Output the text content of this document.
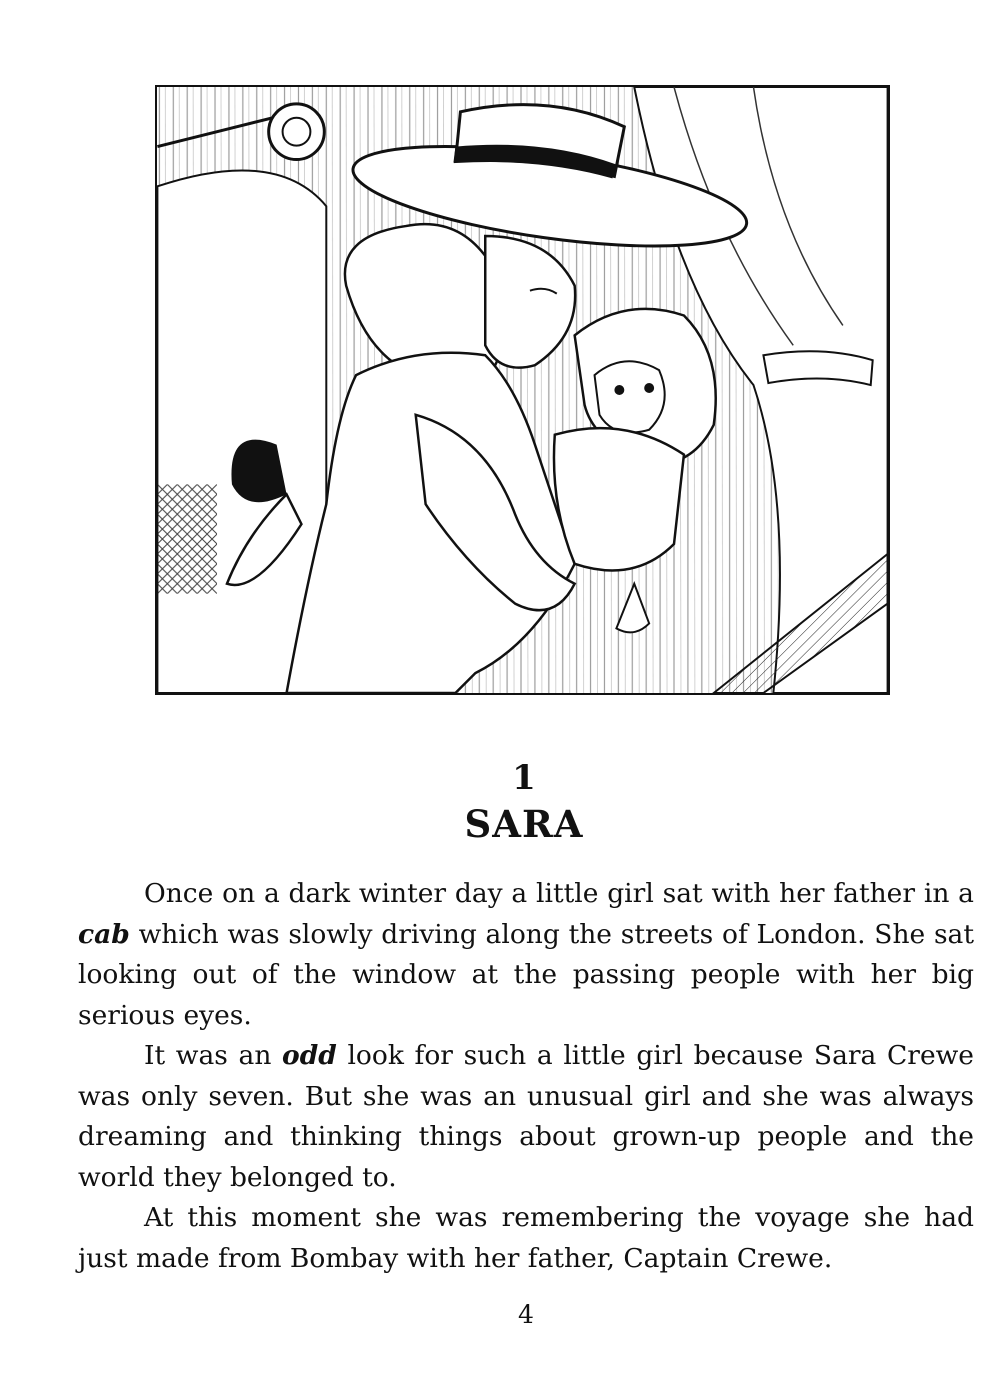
1
SARA

Once on a dark winter day a little girl sat with her father in a cab which was slowly driving along the streets of London. She sat looking out of the window at the passing people with her big serious eyes.

It was an odd look for such a little girl because Sara Crewe was only seven. But she was an unusual girl and she was always dreaming and thinking things about grown-up people and the world they belonged to.

At this moment she was remembering the voyage she had just made from Bombay with her father, Captain Crewe.

4
